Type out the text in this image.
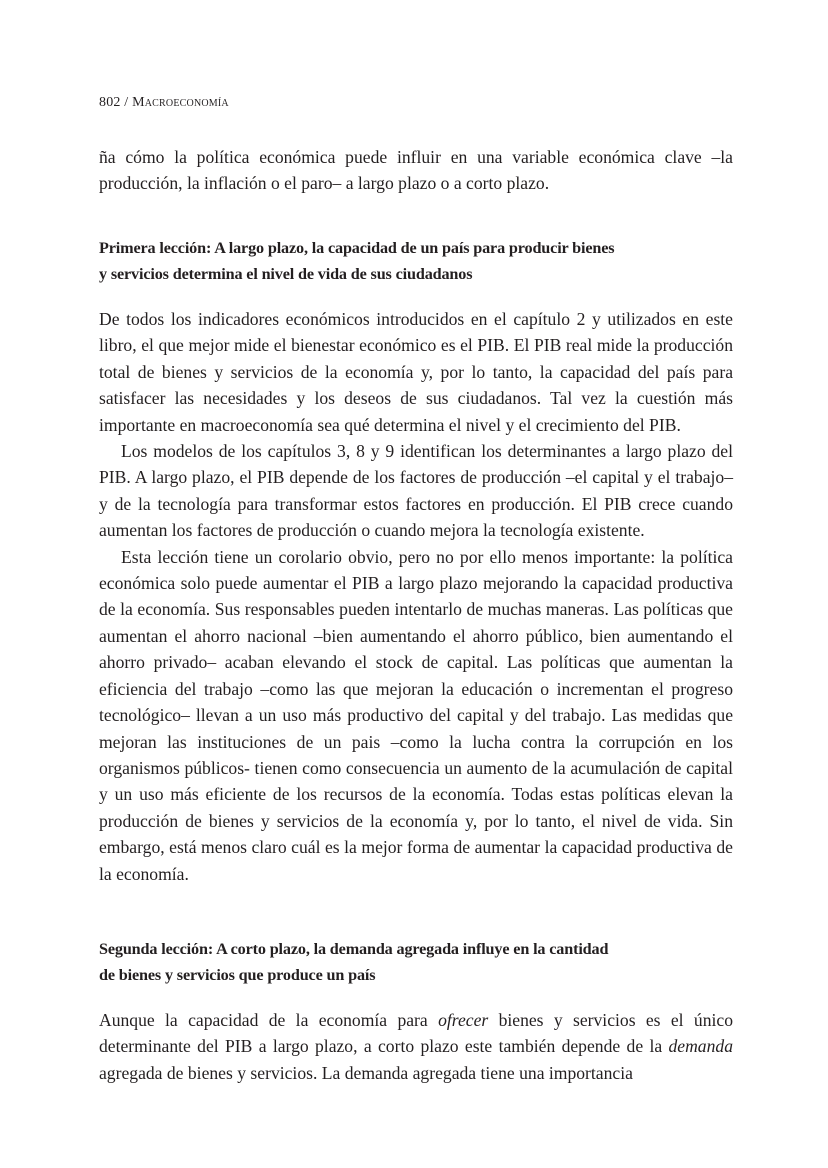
802 / Macroeconomía

ña cómo la política económica puede influir en una variable económica clave –la producción, la inflación o el paro– a largo plazo o a corto plazo.

Primera lección: A largo plazo, la capacidad de un país para producir bienes
y servicios determina el nivel de vida de sus ciudadanos

De todos los indicadores económicos introducidos en el capítulo 2 y utilizados en este libro, el que mejor mide el bienestar económico es el PIB. El PIB real mide la producción total de bienes y servicios de la economía y, por lo tanto, la capacidad del país para satisfacer las necesidades y los deseos de sus ciudadanos. Tal vez la cuestión más importante en macroeconomía sea qué determina el nivel y el crecimiento del PIB.

Los modelos de los capítulos 3, 8 y 9 identifican los determinantes a largo plazo del PIB. A largo plazo, el PIB depende de los factores de producción –el capital y el trabajo– y de la tecnología para transformar estos factores en producción. El PIB crece cuando aumentan los factores de producción o cuando mejora la tecnología existente.

Esta lección tiene un corolario obvio, pero no por ello menos importante: la política económica solo puede aumentar el PIB a largo plazo mejorando la capacidad productiva de la economía. Sus responsables pueden intentarlo de muchas maneras. Las políticas que aumentan el ahorro nacional –bien aumentando el ahorro público, bien aumentando el ahorro privado– acaban elevando el stock de capital. Las políticas que aumentan la eficiencia del trabajo –como las que mejoran la educación o incrementan el progreso tecnológico– llevan a un uso más productivo del capital y del trabajo. Las medidas que mejoran las instituciones de un pais –como la lucha contra la corrupción en los organismos públicos- tienen como consecuencia un aumento de la acumulación de capital y un uso más eficiente de los recursos de la economía. Todas estas políticas elevan la producción de bienes y servicios de la economía y, por lo tanto, el nivel de vida. Sin embargo, está menos claro cuál es la mejor forma de aumentar la capacidad productiva de la economía.

Segunda lección: A corto plazo, la demanda agregada influye en la cantidad
de bienes y servicios que produce un país

Aunque la capacidad de la economía para ofrecer bienes y servicios es el único determinante del PIB a largo plazo, a corto plazo este también depende de la demanda agregada de bienes y servicios. La demanda agregada tiene una importancia
